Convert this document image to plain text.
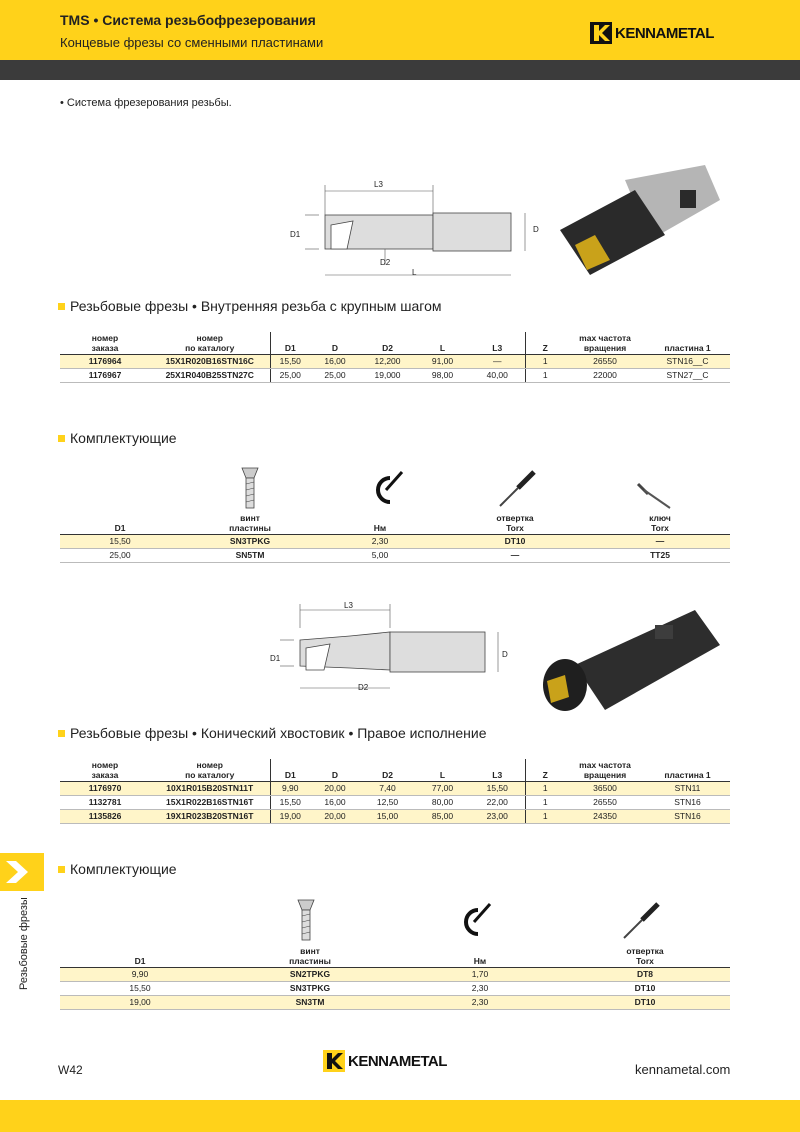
TMS • Система резьбофрезерования
Концевые фрезы со сменными пластинами
KENNAMETAL
• Система фрезерования резьбы.
L3
D1
D2
D
L
Резьбовые фрезы • Внутренняя резьба с крупным шагом
номер
заказа	номер
по каталогу	D1	D	D2	L	L3	Z	max частота
вращения	пластина 1
1176964	15X1R020B16STN16C	15,50	16,00	12,200	91,00	—	1	26550	STN16__C
1176967	25X1R040B25STN27C	25,00	25,00	19,000	98,00	40,00	1	22000	STN27__C
Комплектующие
D1	винт
пластины	Нм	отвертка
Torx	ключ
Torx
15,50	SN3TPKG	2,30	DT10	—
25,00	SN5TM	5,00	—	TT25
L3
D1
D2
D
Резьбовые фрезы • Конический хвостовик • Правое исполнение
номер
заказа	номер
по каталогу	D1	D	D2	L	L3	Z	max частота
вращения	пластина 1
1176970	10X1R015B20STN11T	9,90	20,00	7,40	77,00	15,50	1	36500	STN11
1132781	15X1R022B16STN16T	15,50	16,00	12,50	80,00	22,00	1	26550	STN16
1135826	19X1R023B20STN16T	19,00	20,00	15,00	85,00	23,00	1	24350	STN16
Резьбовые фрезы
Комплектующие
D1	винт
пластины	Нм	отвертка
Torx
9,90	SN2TPKG	1,70	DT8
15,50	SN3TPKG	2,30	DT10
19,00	SN3TM	2,30	DT10
W42
KENNAMETAL	kennametal.com
